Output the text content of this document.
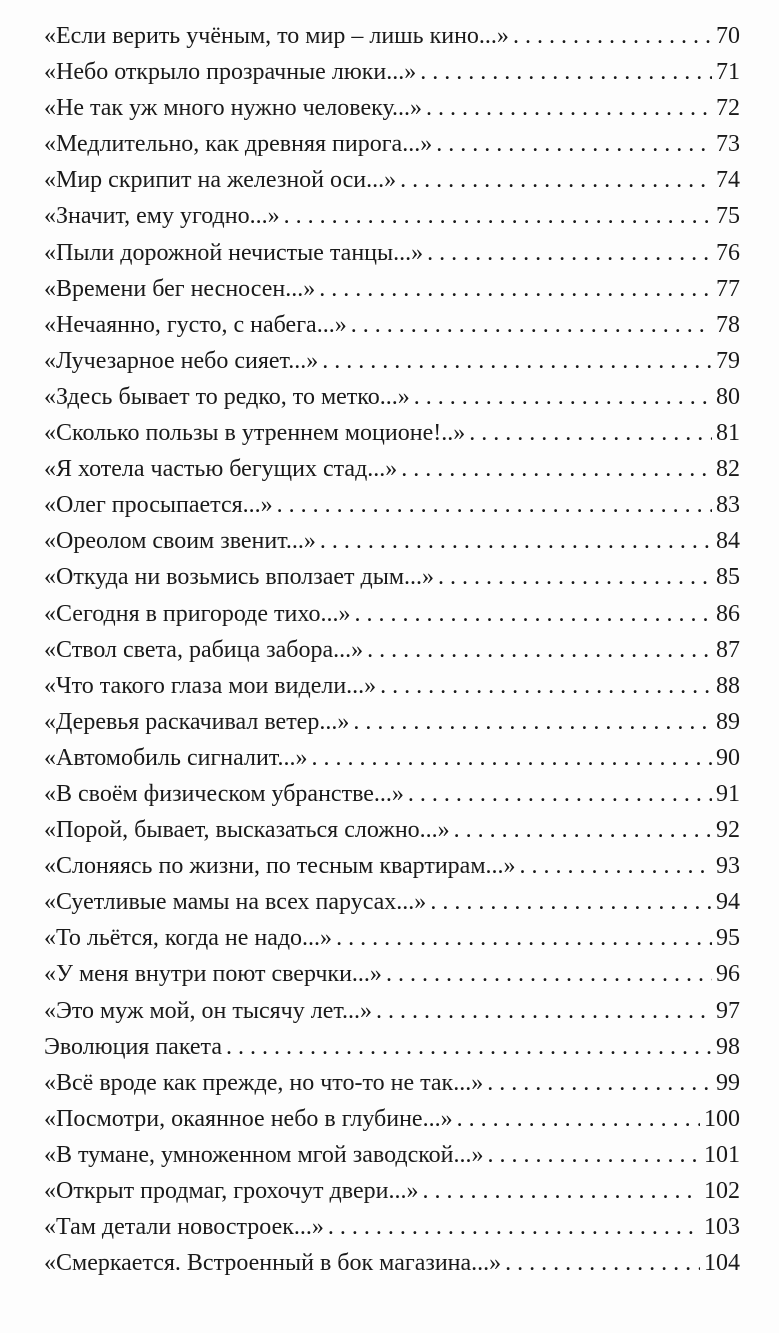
«Если верить учёным, то мир – лишь кино...» . . .	70
«Небо открыло прозрачные люки...» . . .	71
«Не так уж много нужно человеку...» . . .	72
«Медлительно, как древняя пирога...» . . .	73
«Мир скрипит на железной оси...» . . .	74
«Значит, ему угодно...» . . .	75
«Пыли дорожной нечистые танцы...» . . .	76
«Времени бег несносен...» . . .	77
«Нечаянно, густо, с набега...» . . .	78
«Лучезарное небо сияет...» . . .	79
«Здесь бывает то редко, то метко...» . . .	80
«Сколько пользы в утреннем моционе!..» . . .	81
«Я хотела частью бегущих стад...» . . .	82
«Олег просыпается...» . . .	83
«Ореолом своим звенит...» . . .	84
«Откуда ни возьмись вползает дым...» . . .	85
«Сегодня в пригороде тихо...» . . .	86
«Ствол света, рабица забора...» . . .	87
«Что такого глаза мои видели...» . . .	88
«Деревья раскачивал ветер...» . . .	89
«Автомобиль сигналит...» . . .	90
«В своём физическом убранстве...» . . .	91
«Порой, бывает, высказаться сложно...» . . .	92
«Слоняясь по жизни, по тесным квартирам...» . . .	93
«Суетливые мамы на всех парусах...» . . .	94
«То льётся, когда не надо...» . . .	95
«У меня внутри поют сверчки...» . . .	96
«Это муж мой, он тысячу лет...» . . .	97
Эволюция пакета . . .	98
«Всё вроде как прежде, но что-то не так...» . . .	99
«Посмотри, окаянное небо в глубине...» . . .	100
«В тумане, умноженном мгой заводской...» . . .	101
«Открыт продмаг, грохочут двери...» . . .	102
«Там детали новостроек...» . . .	103
«Смеркается. Встроенный в бок магазина...» . . .	104
